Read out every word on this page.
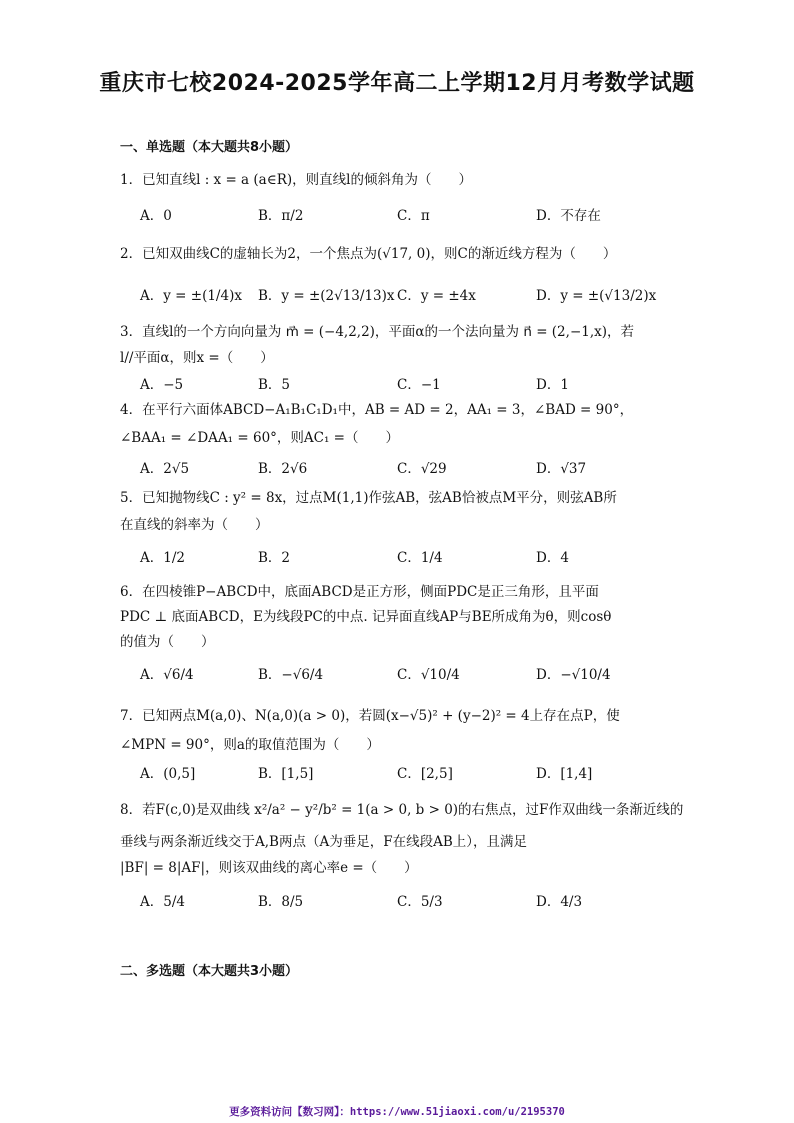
重庆市七校2024-2025学年高二上学期12月月考数学试题
一、单选题（本大题共8小题）
1．已知直线l : x = a (a∈R)，则直线l的倾斜角为（　　）
A．0	B．π/2	C．π	D．不存在
2．已知双曲线C的虚轴长为2，一个焦点为(√17, 0)，则C的渐近线方程为（　　）
A．y = ±(1/4)x B．y = ±(2√13/13)x C．y = ±4x	D．y = ±(√13/2)x
3．直线l的一个方向向量为 m⃗ = (−4,2,2)，平面α的一个法向量为 n⃗ = (2,−1,x)，若
l//平面α，则x =（　　）
A．−5	B．5	C．−1	D．1
4．在平行六面体ABCD−A₁B₁C₁D₁中，AB = AD = 2，AA₁ = 3，∠BAD = 90°，
∠BAA₁ = ∠DAA₁ = 60°，则AC₁ =（　　）
A．2√5	B．2√6	C．√29	D．√37
5．已知抛物线C : y² = 8x，过点M(1,1)作弦AB，弦AB恰被点M平分，则弦AB所
在直线的斜率为（　　）
A．1/2	B．2	C．1/4	D．4
6．在四棱锥P−ABCD中，底面ABCD是正方形，侧面PDC是正三角形，且平面
PDC ⊥ 底面ABCD，E为线段PC的中点. 记异面直线AP与BE所成角为θ，则cosθ
的值为（　　）
A．√6/4	B．−√6/4	C．√10/4	D．−√10/4
7．已知两点M(a,0)、N(a,0)(a > 0)，若圆(x−√5)² + (y−2)² = 4上存在点P，使
∠MPN = 90°，则a的取值范围为（　　）
A．(0,5]	B．[1,5]	C．[2,5]	D．[1,4]
8．若F(c,0)是双曲线 x²/a² − y²/b² = 1(a > 0, b > 0)的右焦点，过F作双曲线一条渐近线的
垂线与两条渐近线交于A,B两点（A为垂足，F在线段AB上），且满足
|BF| = 8|AF|，则该双曲线的离心率e =（　　）
A．5/4	B．8/5	C．5/3	D．4/3
二、多选题（本大题共3小题）
更多资料访问【数习网】：https://www.51jiaoxi.com/u/2195370
